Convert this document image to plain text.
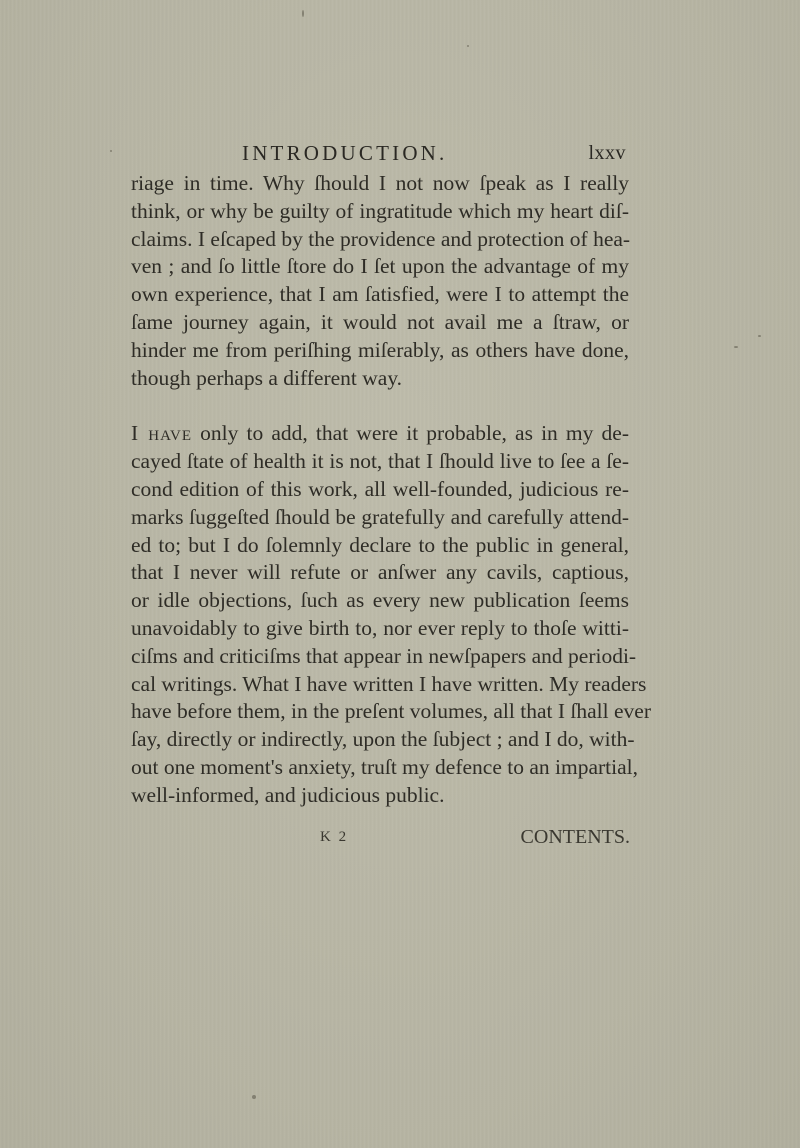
INTRODUCTION.	lxxv
riage in time. Why ſhould I not now ſpeak as I really
think, or why be guilty of ingratitude which my heart diſ-
claims. I eſcaped by the providence and protection of hea-
ven ; and ſo little ſtore do I ſet upon the advantage of my
own experience, that I am ſatisfied, were I to attempt the
ſame journey again, it would not avail me a ſtraw, or
hinder me from periſhing miſerably, as others have done,
though perhaps a different way.
I have only to add, that were it probable, as in my de-
cayed ſtate of health it is not, that I ſhould live to ſee a ſe-
cond edition of this work, all well-founded, judicious re-
marks ſuggeſted ſhould be gratefully and carefully attend-
ed to; but I do ſolemnly declare to the public in general,
that I never will refute or anſwer any cavils, captious,
or idle objections, ſuch as every new publication ſeems
unavoidably to give birth to, nor ever reply to thoſe witti-
ciſms and criticiſms that appear in newſpapers and periodi-
cal writings. What I have written I have written. My readers
have before them, in the preſent volumes, all that I ſhall ever
ſay, directly or indirectly, upon the ſubject ; and I do, with-
out one moment's anxiety, truſt my defence to an impartial,
well-informed, and judicious public.
K 2	CONTENTS.
